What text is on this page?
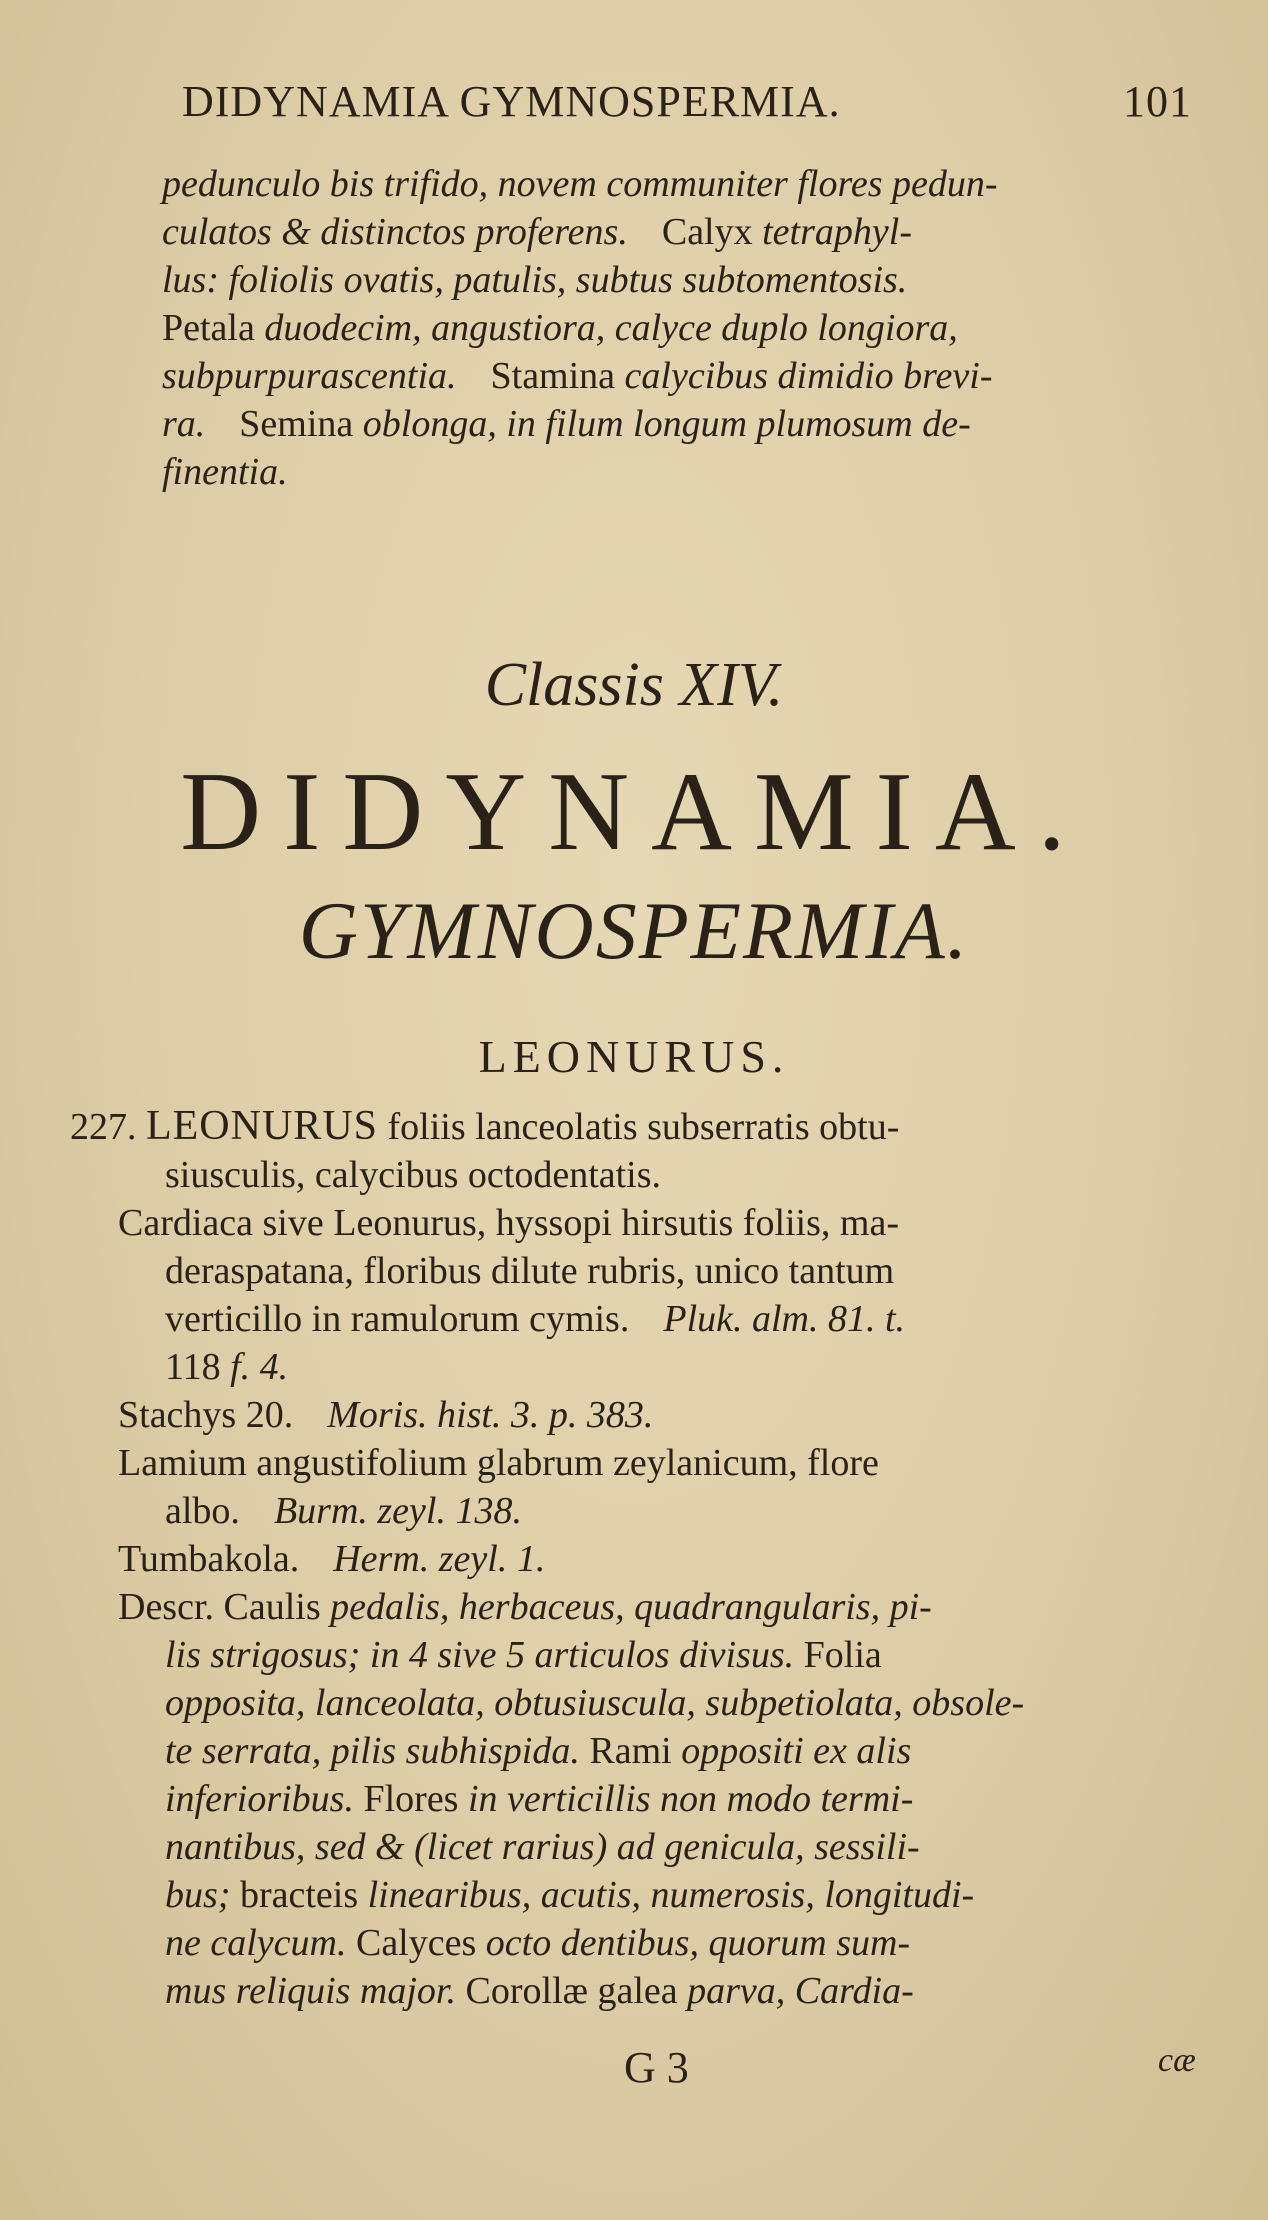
DIDYNAMIA GYMNOSPERMIA.	101

pedunculo bis trifido, novem communiter flores pedun-

culatos & distinctos proferens. Calyx tetraphyl-

lus: foliolis ovatis, patulis, subtus subtomentosis.

Petala duodecim, angustiora, calyce duplo longiora,

subpurpurascentia. Stamina calycibus dimidio brevi-

ra. Semina oblonga, in filum longum plumosum de-

finentia.

Classis XIV.
DIDYNAMIA.
GYMNOSPERMIA.
LEONURUS.
227. LEONURUS foliis lanceolatis subserratis obtu-
siusculis, calycibus octodentatis.
Cardiaca sive Leonurus, hyssopi hirsutis foliis, ma-
deraspatana, floribus dilute rubris, unico tantum
verticillo in ramulorum cymis. Pluk. alm. 81. t.
118 f. 4.
Stachys 20. Moris. hist. 3. p. 383.
Lamium angustifolium glabrum zeylanicum, flore
albo. Burm. zeyl. 138.
Tumbakola. Herm. zeyl. 1.
Descr. Caulis pedalis, herbaceus, quadrangularis, pi-
lis strigosus; in 4 sive 5 articulos divisus. Folia
opposita, lanceolata, obtusiuscula, subpetiolata, obsole-
te serrata, pilis subhispida. Rami oppositi ex alis
inferioribus. Flores in verticillis non modo termi-
nantibus, sed & (licet rarius) ad genicula, sessili-
bus; bracteis linearibus, acutis, numerosis, longitudi-
ne calycum. Calyces octo dentibus, quorum sum-
mus reliquis major. Corollæ galea parva, Cardia-
G 3	cæ
